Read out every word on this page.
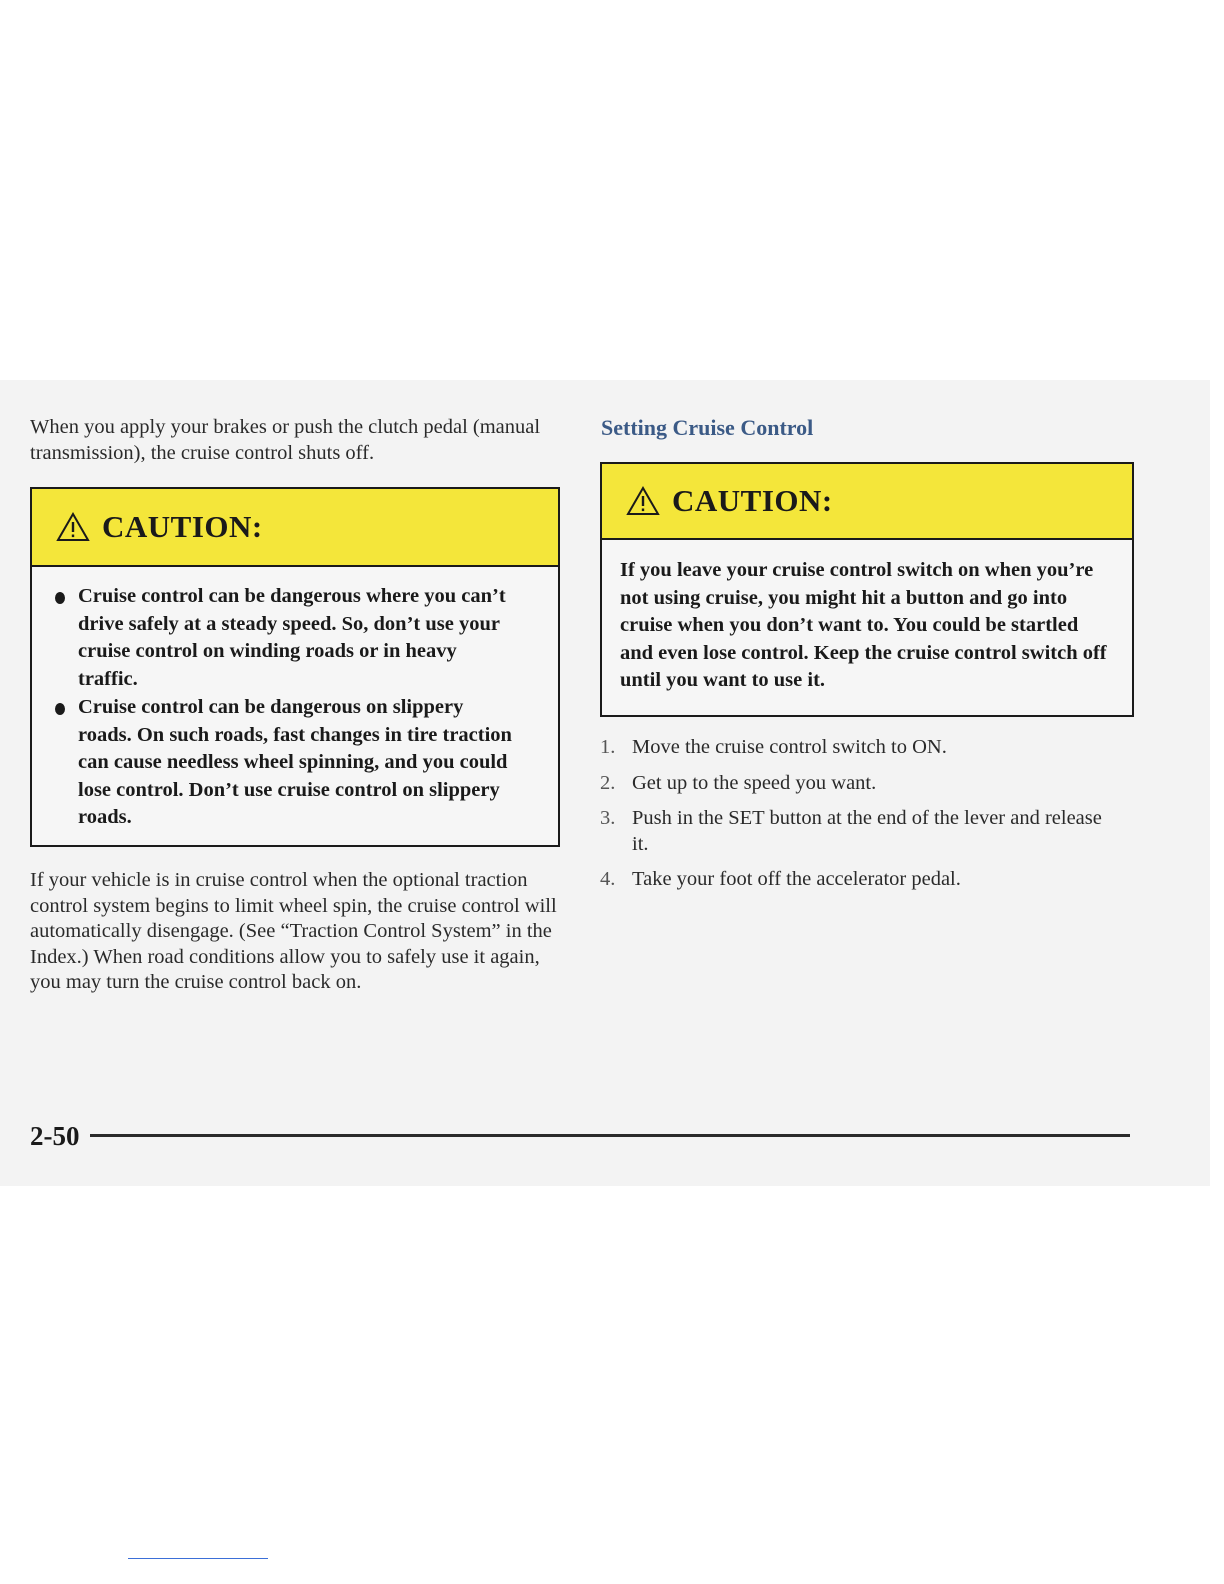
When you apply your brakes or push the clutch pedal (manual transmission), the cruise control shuts off.

CAUTION:
Cruise control can be dangerous where you can’t drive safely at a steady speed. So, don’t use your cruise control on winding roads or in heavy traffic.
Cruise control can be dangerous on slippery roads. On such roads, fast changes in tire traction can cause needless wheel spinning, and you could lose control. Don’t use cruise control on slippery roads.

If your vehicle is in cruise control when the optional traction control system begins to limit wheel spin, the cruise control will automatically disengage. (See “Traction Control System” in the Index.) When road conditions allow you to safely use it again, you may turn the cruise control back on.

Setting Cruise Control
CAUTION:
If you leave your cruise control switch on when you’re not using cruise, you might hit a button and go into cruise when you don’t want to. You could be startled and even lose control. Keep the cruise control switch off until you want to use it.
1. Move the cruise control switch to ON.
2. Get up to the speed you want.
3. Push in the SET button at the end of the lever and release it.
4. Take your foot off the accelerator pedal.
2-50
